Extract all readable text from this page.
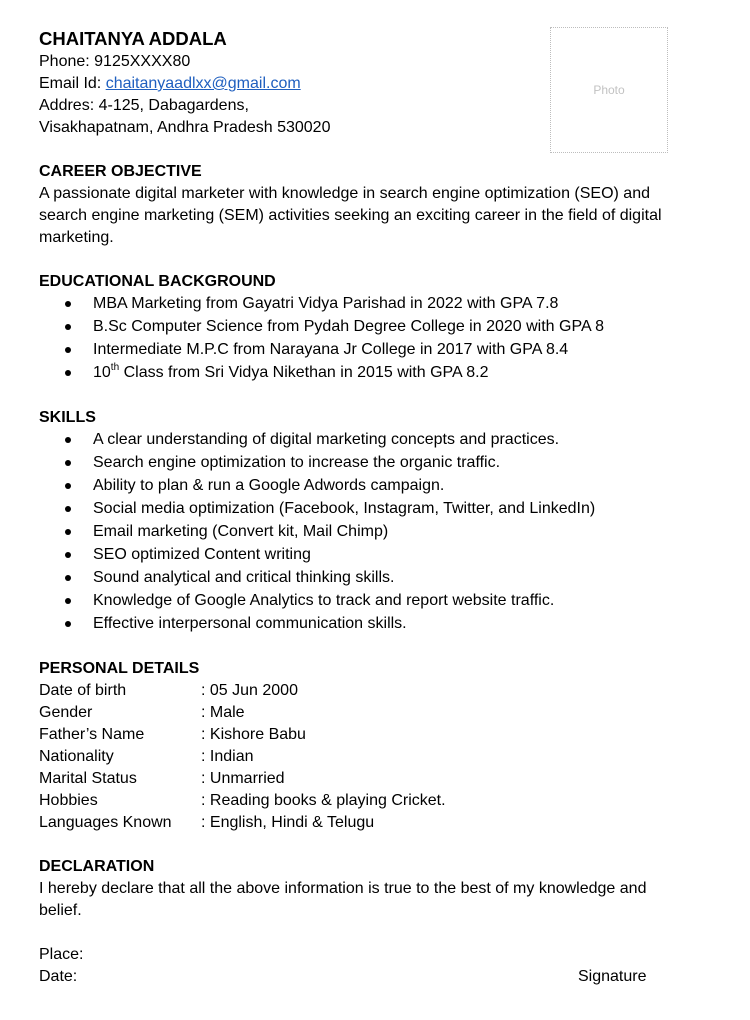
Photo
CHAITANYA ADDALA

Phone: 9125XXXX80

Email Id: chaitanyaadlxx@gmail.com

Addres: 4-125, Dabagardens,

Visakhapatnam, Andhra Pradesh 530020

CAREER OBJECTIVE

A passionate digital marketer with knowledge in search engine optimization (SEO) and

search engine marketing (SEM) activities seeking an exciting career in the field of digital

marketing.

EDUCATIONAL BACKGROUND

MBA Marketing from Gayatri Vidya Parishad in 2022 with GPA 7.8
B.Sc Computer Science from Pydah Degree College in 2020 with GPA 8
Intermediate M.P.C from Narayana Jr College in 2017 with GPA 8.4
10th Class from Sri Vidya Nikethan in 2015 with GPA 8.2

SKILLS

A clear understanding of digital marketing concepts and practices.
Search engine optimization to increase the organic traffic.
Ability to plan & run a Google Adwords campaign.
Social media optimization (Facebook, Instagram, Twitter, and LinkedIn)
Email marketing (Convert kit, Mail Chimp)
SEO optimized Content writing
Sound analytical and critical thinking skills.
Knowledge of Google Analytics to track and report website traffic.
Effective interpersonal communication skills.

PERSONAL DETAILS

Date of birth	: 05 Jun 2000
Gender	: Male
Father’s Name	: Kishore Babu
Nationality	: Indian
Marital Status	: Unmarried
Hobbies	: Reading books & playing Cricket.
Languages Known	: English, Hindi & Telugu

DECLARATION

I hereby declare that all the above information is true to the best of my knowledge and

belief.

Place:

Date:	Signature
